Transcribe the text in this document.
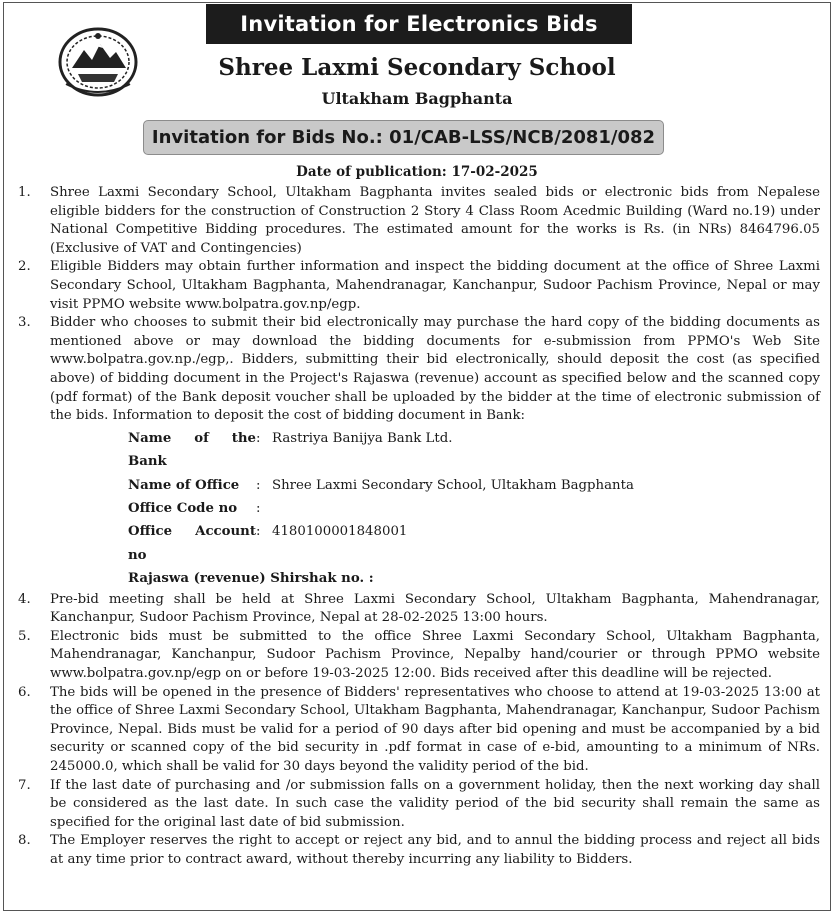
Invitation for Electronics Bids
Shree Laxmi Secondary School
Ultakham Bagphanta
Invitation for Bids No.: 01/CAB-LSS/NCB/2081/082
Date of publication: 17-02-2025
1. Shree Laxmi Secondary School, Ultakham Bagphanta invites sealed bids or electronic bids from Nepalese eligible bidders for the construction of Construction 2 Story 4 Class Room Acedmic Building (Ward no.19) under National Competitive Bidding procedures. The estimated amount for the works is Rs. (in NRs) 8464796.05 (Exclusive of VAT and Contingencies)
2. Eligible Bidders may obtain further information and inspect the bidding document at the office of Shree Laxmi Secondary School, Ultakham Bagphanta, Mahendranagar, Kanchanpur, Sudoor Pachism Province, Nepal or may visit PPMO website www.bolpatra.gov.np/egp.
3. Bidder who chooses to submit their bid electronically may purchase the hard copy of the bidding documents as mentioned above or may download the bidding documents for e-submission from PPMO's Web Site www.bolpatra.gov.np./egp,. Bidders, submitting their bid electronically, should deposit the cost (as specified above) of bidding document in the Project's Rajaswa (revenue) account as specified below and the scanned copy (pdf format) of the Bank deposit voucher shall be uploaded by the bidder at the time of electronic submission of the bids. Information to deposit the cost of bidding document in Bank:
Name of the Bank
: Rastriya Banijya Bank Ltd.
Name of Office	: Shree Laxmi Secondary School, Ultakham Bagphanta
Office Code no	:
Office Account no
: 4180100001848001
Rajaswa (revenue) Shirshak no. :
4. Pre-bid meeting shall be held at Shree Laxmi Secondary School, Ultakham Bagphanta, Mahendranagar, Kanchanpur, Sudoor Pachism Province, Nepal at 28-02-2025 13:00 hours.
5. Electronic bids must be submitted to the office Shree Laxmi Secondary School, Ultakham Bagphanta, Mahendranagar, Kanchanpur, Sudoor Pachism Province, Nepalby hand/courier or through PPMO website www.bolpatra.gov.np/egp on or before 19-03-2025 12:00. Bids received after this deadline will be rejected.
6. The bids will be opened in the presence of Bidders' representatives who choose to attend at 19-03-2025 13:00 at the office of Shree Laxmi Secondary School, Ultakham Bagphanta, Mahendranagar, Kanchanpur, Sudoor Pachism Province, Nepal. Bids must be valid for a period of 90 days after bid opening and must be accompanied by a bid security or scanned copy of the bid security in .pdf format in case of e-bid, amounting to a minimum of NRs. 245000.0, which shall be valid for 30 days beyond the validity period of the bid.
7. If the last date of purchasing and /or submission falls on a government holiday, then the next working day shall be considered as the last date. In such case the validity period of the bid security shall remain the same as specified for the original last date of bid submission.
8. The Employer reserves the right to accept or reject any bid, and to annul the bidding process and reject all bids at any time prior to contract award, without thereby incurring any liability to Bidders.
